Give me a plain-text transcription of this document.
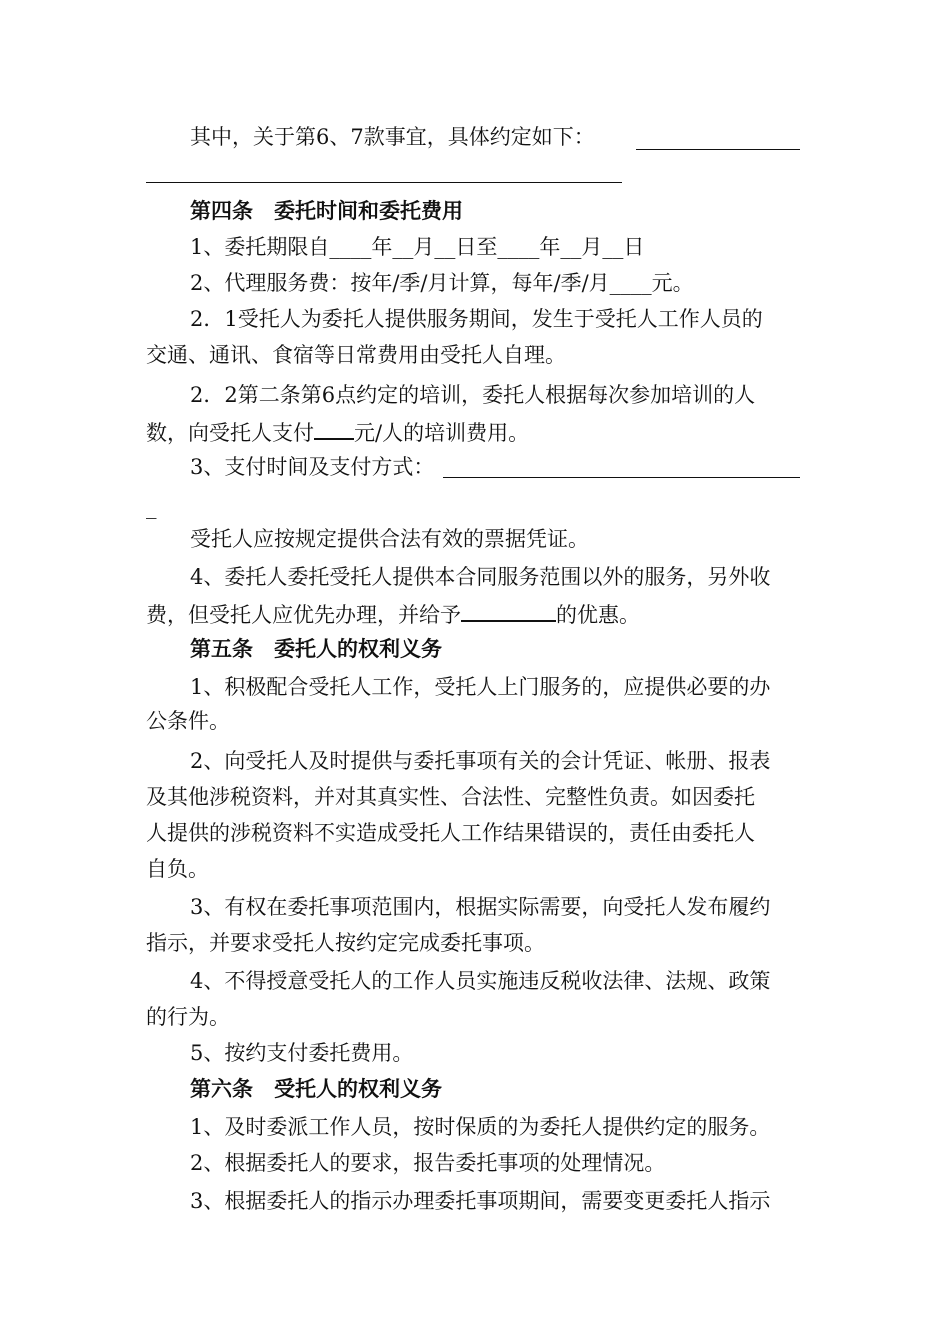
其中，关于第6、7款事宜，具体约定如下：
第四条　委托时间和委托费用
1、委托期限自____年__月__日至____年__月__日
2、代理服务费：按年/季/月计算，每年/季/月____元。
2．1受托人为委托人提供服务期间，发生于受托人工作人员的
交通、通讯、食宿等日常费用由受托人自理。
2．2第二条第6点约定的培训，委托人根据每次参加培训的人
数，向受托人支付 元/人的培训费用。
3、支付时间及支付方式：
_
受托人应按规定提供合法有效的票据凭证。
4、委托人委托受托人提供本合同服务范围以外的服务，另外收
费，但受托人应优先办理，并给予	的优惠。
第五条　委托人的权利义务
1、积极配合受托人工作，受托人上门服务的，应提供必要的办
公条件。
2、向受托人及时提供与委托事项有关的会计凭证、帐册、报表
及其他涉税资料，并对其真实性、合法性、完整性负责。如因委托
人提供的涉税资料不实造成受托人工作结果错误的，责任由委托人
自负。
3、有权在委托事项范围内，根据实际需要，向受托人发布履约
指示，并要求受托人按约定完成委托事项。
4、不得授意受托人的工作人员实施违反税收法律、法规、政策
的行为。
5、按约支付委托费用。
第六条　受托人的权利义务
1、及时委派工作人员，按时保质的为委托人提供约定的服务。
2、根据委托人的要求，报告委托事项的处理情况。
3、根据委托人的指示办理委托事项期间，需要变更委托人指示
